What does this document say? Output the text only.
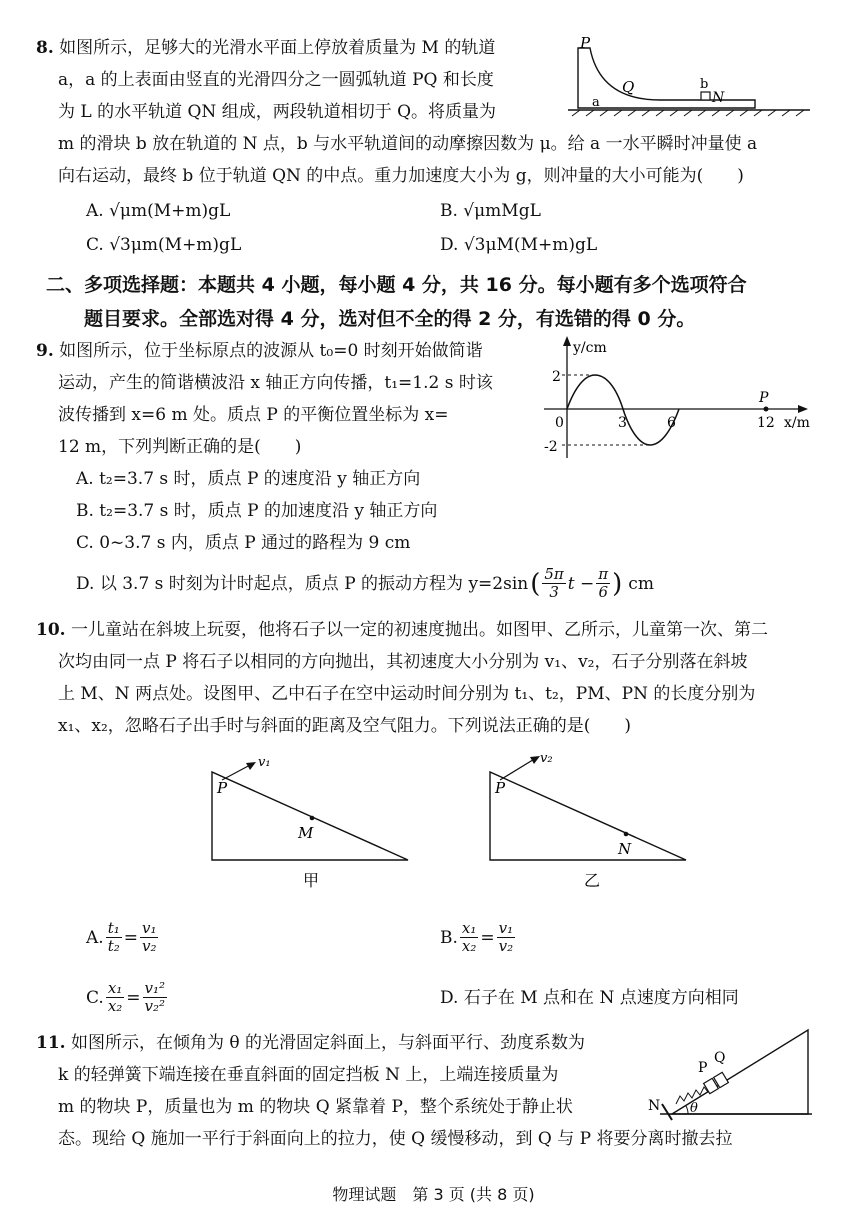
8. 如图所示，足够大的光滑水平面上停放着质量为 M 的轨道
a，a 的上表面由竖直的光滑四分之一圆弧轨道 PQ 和长度
为 L 的水平轨道 QN 组成，两段轨道相切于 Q。将质量为
m 的滑块 b 放在轨道的 N 点，b 与水平轨道间的动摩擦因数为 μ。给 a 一水平瞬时冲量使 a
向右运动，最终 b 位于轨道 QN 的中点。重力加速度大小为 g，则冲量的大小可能为(　　)
A. √μm(M+m)gL	B. √μmMgL
C. √3μm(M+m)gL	D. √3μM(M+m)gL
P
Q
a
b
N
二、多项选择题：本题共 4 小题，每小题 4 分，共 16 分。每小题有多个选项符合
题目要求。全部选对得 4 分，选对但不全的得 2 分，有选错的得 0 分。
9. 如图所示，位于坐标原点的波源从 t₀=0 时刻开始做简谐
运动，产生的简谐横波沿 x 轴正方向传播，t₁=1.2 s 时该
波传播到 x=6 m 处。质点 P 的平衡位置坐标为 x=
12 m，下列判断正确的是(　　)
A. t₂=3.7 s 时，质点 P 的速度沿 y 轴正方向
B. t₂=3.7 s 时，质点 P 的加速度沿 y 轴正方向
C. 0~3.7 s 内，质点 P 通过的路程为 9 cm
D. 以 3.7 s 时刻为计时起点，质点 P 的振动方程为 y=2sin ( $\frac{5\pi}{3}$ $t - \frac{\pi}{6}$ ) cm
y/cm
x/m
2
-2
0	3	6	12
P
10. 一儿童站在斜坡上玩耍，他将石子以一定的初速度抛出。如图甲、乙所示，儿童第一次、第二
次均由同一点 P 将石子以相同的方向抛出，其初速度大小分别为 v₁、v₂，石子分别落在斜坡
上 M、N 两点处。设图甲、乙中石子在空中运动时间分别为 t₁、t₂，PM、PN 的长度分别为
x₁、x₂，忽略石子出手时与斜面的距离及空气阻力。下列说法正确的是(　　)
v₁
P
M
甲
v₂
P
N
乙
A. $\frac{\text{t₁}}{\text{t₂}} = \frac{\text{v₁}}{\text{v₂}}$	B. $\frac{\text{x₁}}{\text{x₂}} = \frac{\text{v₁}}{\text{v₂}}$
C. $\frac{\text{x₁}}{\text{x₂}} = \frac{\text{v₁²}}{\text{v₂²}}$	D. 石子在 M 点和在 N 点速度方向相同
11. 如图所示，在倾角为 θ 的光滑固定斜面上，与斜面平行、劲度系数为
k 的轻弹簧下端连接在垂直斜面的固定挡板 N 上，上端连接质量为
m 的物块 P，质量也为 m 的物块 Q 紧靠着 P，整个系统处于静止状
态。现给 Q 施加一平行于斜面向上的拉力，使 Q 缓慢移动，到 Q 与 P 将要分离时撤去拉
P
Q
N θ
物理试题　第 3 页 (共 8 页)
